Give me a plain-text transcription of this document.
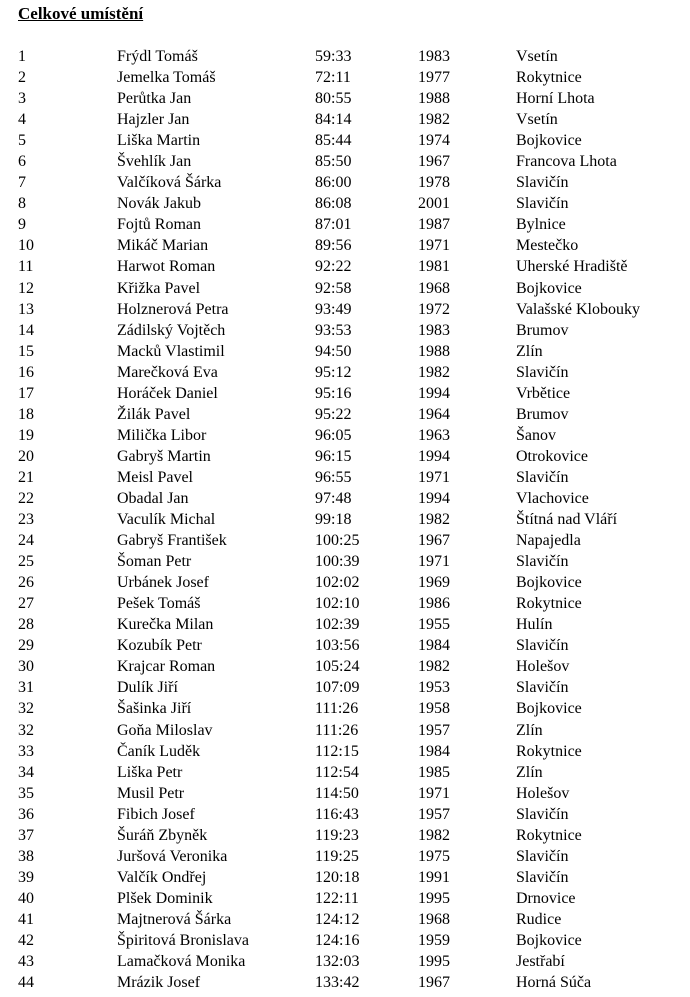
Celkové umístění
1	Frýdl Tomáš	59:33	1983	Vsetín
2	Jemelka Tomáš	72:11	1977	Rokytnice
3	Perůtka Jan	80:55	1988	Horní Lhota
4	Hajzler Jan	84:14	1982	Vsetín
5	Liška Martin	85:44	1974	Bojkovice
6	Švehlík Jan	85:50	1967	Francova Lhota
7	Valčíková Šárka	86:00	1978	Slavičín
8	Novák Jakub	86:08	2001	Slavičín
9	Fojtů Roman	87:01	1987	Bylnice
10	Mikáč Marian	89:56	1971	Mestečko
11	Harwot Roman	92:22	1981	Uherské Hradiště
12	Křižka Pavel	92:58	1968	Bojkovice
13	Holznerová Petra	93:49	1972	Valašské Klobouky
14	Zádilský Vojtěch	93:53	1983	Brumov
15	Macků Vlastimil	94:50	1988	Zlín
16	Marečková Eva	95:12	1982	Slavičín
17	Horáček Daniel	95:16	1994	Vrbětice
18	Žilák Pavel	95:22	1964	Brumov
19	Milička Libor	96:05	1963	Šanov
20	Gabryš Martin	96:15	1994	Otrokovice
21	Meisl Pavel	96:55	1971	Slavičín
22	Obadal Jan	97:48	1994	Vlachovice
23	Vaculík Michal	99:18	1982	Štítná nad Vláří
24	Gabryš František	100:25	1967	Napajedla
25	Šoman Petr	100:39	1971	Slavičín
26	Urbánek Josef	102:02	1969	Bojkovice
27	Pešek Tomáš	102:10	1986	Rokytnice
28	Kurečka Milan	102:39	1955	Hulín
29	Kozubík Petr	103:56	1984	Slavičín
30	Krajcar Roman	105:24	1982	Holešov
31	Dulík Jiří	107:09	1953	Slavičín
32	Šašinka Jiří	111:26	1958	Bojkovice
32	Goňa Miloslav	111:26	1957	Zlín
33	Čaník Luděk	112:15	1984	Rokytnice
34	Liška Petr	112:54	1985	Zlín
35	Musil Petr	114:50	1971	Holešov
36	Fibich Josef	116:43	1957	Slavičín
37	Šuráň Zbyněk	119:23	1982	Rokytnice
38	Juršová Veronika	119:25	1975	Slavičín
39	Valčík Ondřej	120:18	1991	Slavičín
40	Plšek Dominik	122:11	1995	Drnovice
41	Majtnerová Šárka	124:12	1968	Rudice
42	Špiritová Bronislava	124:16	1959	Bojkovice
43	Lamačková Monika	132:03	1995	Jestřabí
44	Mrázik Josef	133:42	1967	Horná Súča
